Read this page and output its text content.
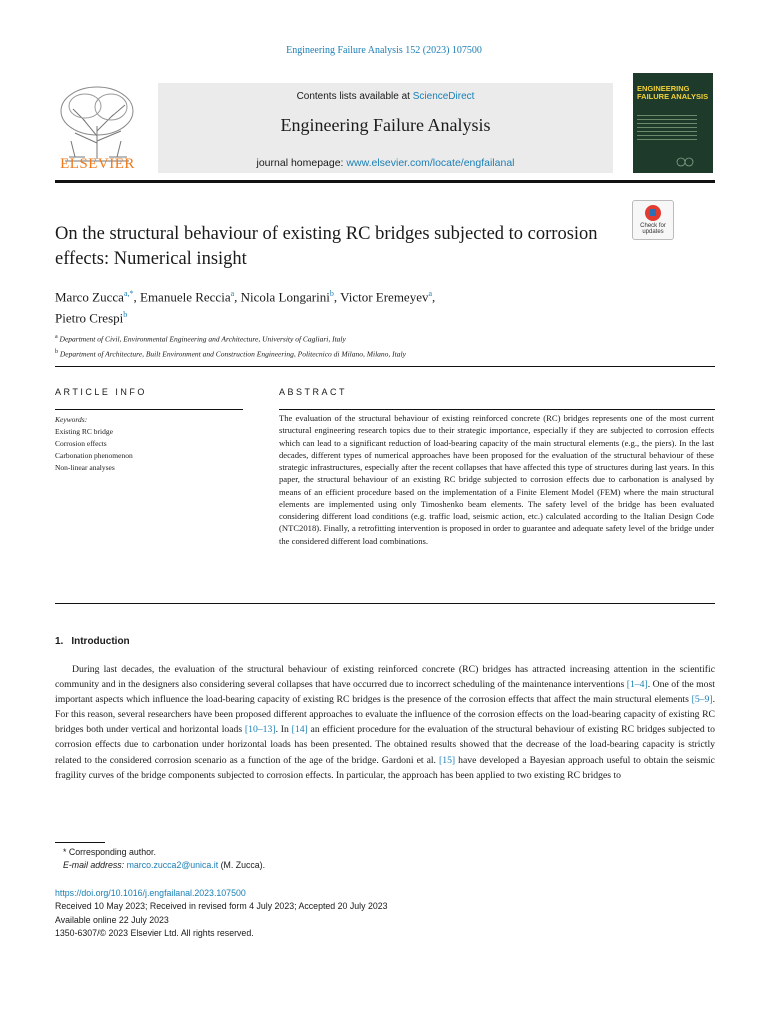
Engineering Failure Analysis 152 (2023) 107500
ELSEVIER
Contents lists available at ScienceDirect
Engineering Failure Analysis
journal homepage: www.elsevier.com/locate/engfailanal
ENGINEERING FAILURE ANALYSIS
On the structural behaviour of existing RC bridges subjected to corrosion effects: Numerical insight
Check for updates
Marco Zucca$^{a,*}$, Emanuele Reccia$^a$, Nicola Longarini$^b$, Victor Eremeyev$^a$,
Pietro Crespi$^b$
$^a$ Department of Civil, Environmental Engineering and Architecture, University of Cagliari, Italy
$^b$ Department of Architecture, Built Environment and Construction Engineering, Politecnico di Milano, Milano, Italy
ARTICLE INFO	ABSTRACT
Keywords:
Existing RC bridge
Corrosion effects
Carbonation phenomenon
Non-linear analyses
The evaluation of the structural behaviour of existing reinforced concrete (RC) bridges represents one of the most current structural engineering research topics due to their strategic importance, especially if they are subjected to corrosion effects which can lead to a significant reduction of load-bearing capacity of the main structural elements (e.g., the piers). In the last decades, different types of numerical approaches have been proposed for the evaluation of the structural behaviour of these strategic infrastructures, especially after the recent collapses that have affected this type of structures during last years. In this paper, the structural behaviour of an existing RC bridge subjected to corrosion effects due to carbonation is analysed by means of an efficient procedure based on the implementation of a Finite Element Model (FEM) where the main structural elements are implemented using only Timoshenko beam elements. The safety level of the bridge has been evaluated considering different load conditions (e.g. traffic load, seismic action, etc.) calculated according to the Italian Design Code (NTC2018). Finally, a retrofitting intervention is proposed in order to guarantee and adequate safety level of the bridge under the considered different load combinations.
1. Introduction
During last decades, the evaluation of the structural behaviour of existing reinforced concrete (RC) bridges has attracted increasing attention in the scientific community and in the designers also considering several collapses that have occurred due to incorrect scheduling of the maintenance interventions [1–4]. One of the most important aspects which influence the load-bearing capacity of existing RC bridges is the presence of the corrosion effects that affect the main structural elements [5–9]. For this reason, several researchers have been proposed different approaches to evaluate the influence of the corrosion effects on the load-bearing capacity of existing RC bridges both under vertical and horizontal loads [10–13]. In [14] an efficient procedure for the evaluation of the structural behaviour of existing RC bridges subjected to corrosion effects due to carbonation under horizontal loads has been presented. The obtained results showed that the decrease of the load-bearing capacity is strictly related to the considered corrosion scenario as a function of the age of the bridge. Gardoni et al. [15] have developed a Bayesian approach useful to obtain the seismic fragility curves of the bridge components subjected to corrosion effects. In particular, the approach has been applied to two existing RC bridges to
* Corresponding author.
E-mail address: marco.zucca2@unica.it (M. Zucca).
https://doi.org/10.1016/j.engfailanal.2023.107500
Received 10 May 2023; Received in revised form 4 July 2023; Accepted 20 July 2023
Available online 22 July 2023
1350-6307/© 2023 Elsevier Ltd. All rights reserved.
